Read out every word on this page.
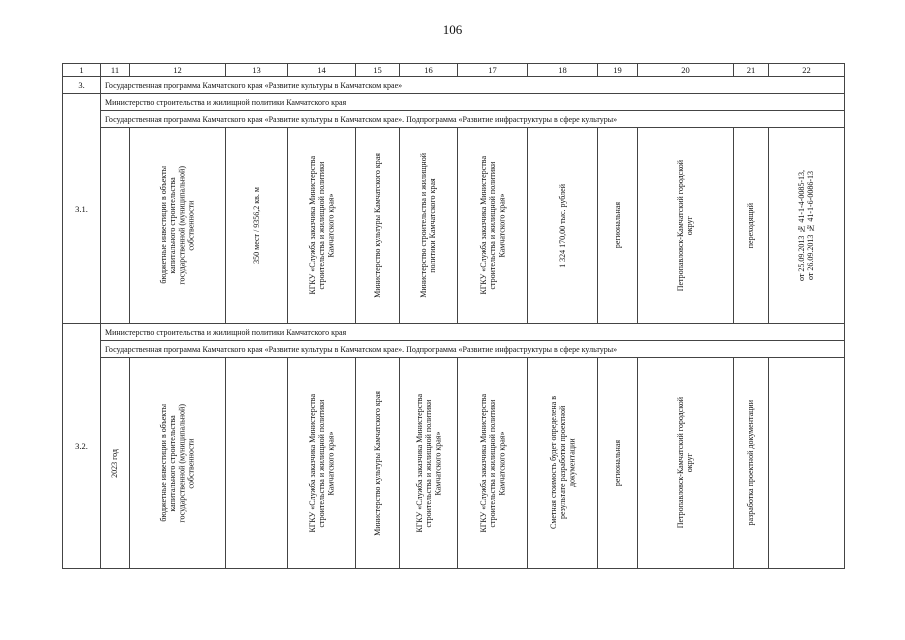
106
1	11	12	13	14	15	16	17	18	19	20	21	22
3.	Государственная программа Камчатского края «Развитие культуры в Камчатском крае»											
3.1.	Министерство строительства и жилищной политики Камчатского края											
	Государственная программа Камчатского края «Развитие культуры в Камчатском крае». Подпрограмма «Развитие инфраструктуры в сфере культуры»											

		бюджетные инвестиции в объекты
капитального строительства
государственной (муниципальной)
собственности	350 мест / 9356,2 кв. м	КГКУ «Служба заказчика Министерства
строительства и жилищной политики
Камчатского края»	Министерство культуры Камчатского края	Министерство строительства и жилищной
политики Камчатского края	КГКУ «Служба заказчика Министерства
строительства и жилищной политики
Камчатского края»	1 324 170,00 тыс. рублей	региональная	Петропавловск-Камчатский городской
округ	переходящий	от 25.09.2013 № 41-1-4-0085-13,
от 26.09.2013 № 41-1-6-0086-13

3.2.	Министерство строительства и жилищной политики Камчатского края											
	Государственная программа Камчатского края «Развитие культуры в Камчатском крае». Подпрограмма «Развитие инфраструктуры в сфере культуры»											

	2023 год	бюджетные инвестиции в объекты
капитального строительства
государственной (муниципальной)
собственности		КГКУ «Служба заказчика Министерства
строительства и жилищной политики
Камчатского края»	Министерство культуры Камчатского края	КГКУ «Служба заказчика Министерства
строительства и жилищной политики
Камчатского края»	КГКУ «Служба заказчика Министерства
строительства и жилищной политики
Камчатского края»	Сметная стоимость будет определена в
результате разработки проектной
документации	региональная	Петропавловск-Камчатский городской
округ	разработка проектной документации	
